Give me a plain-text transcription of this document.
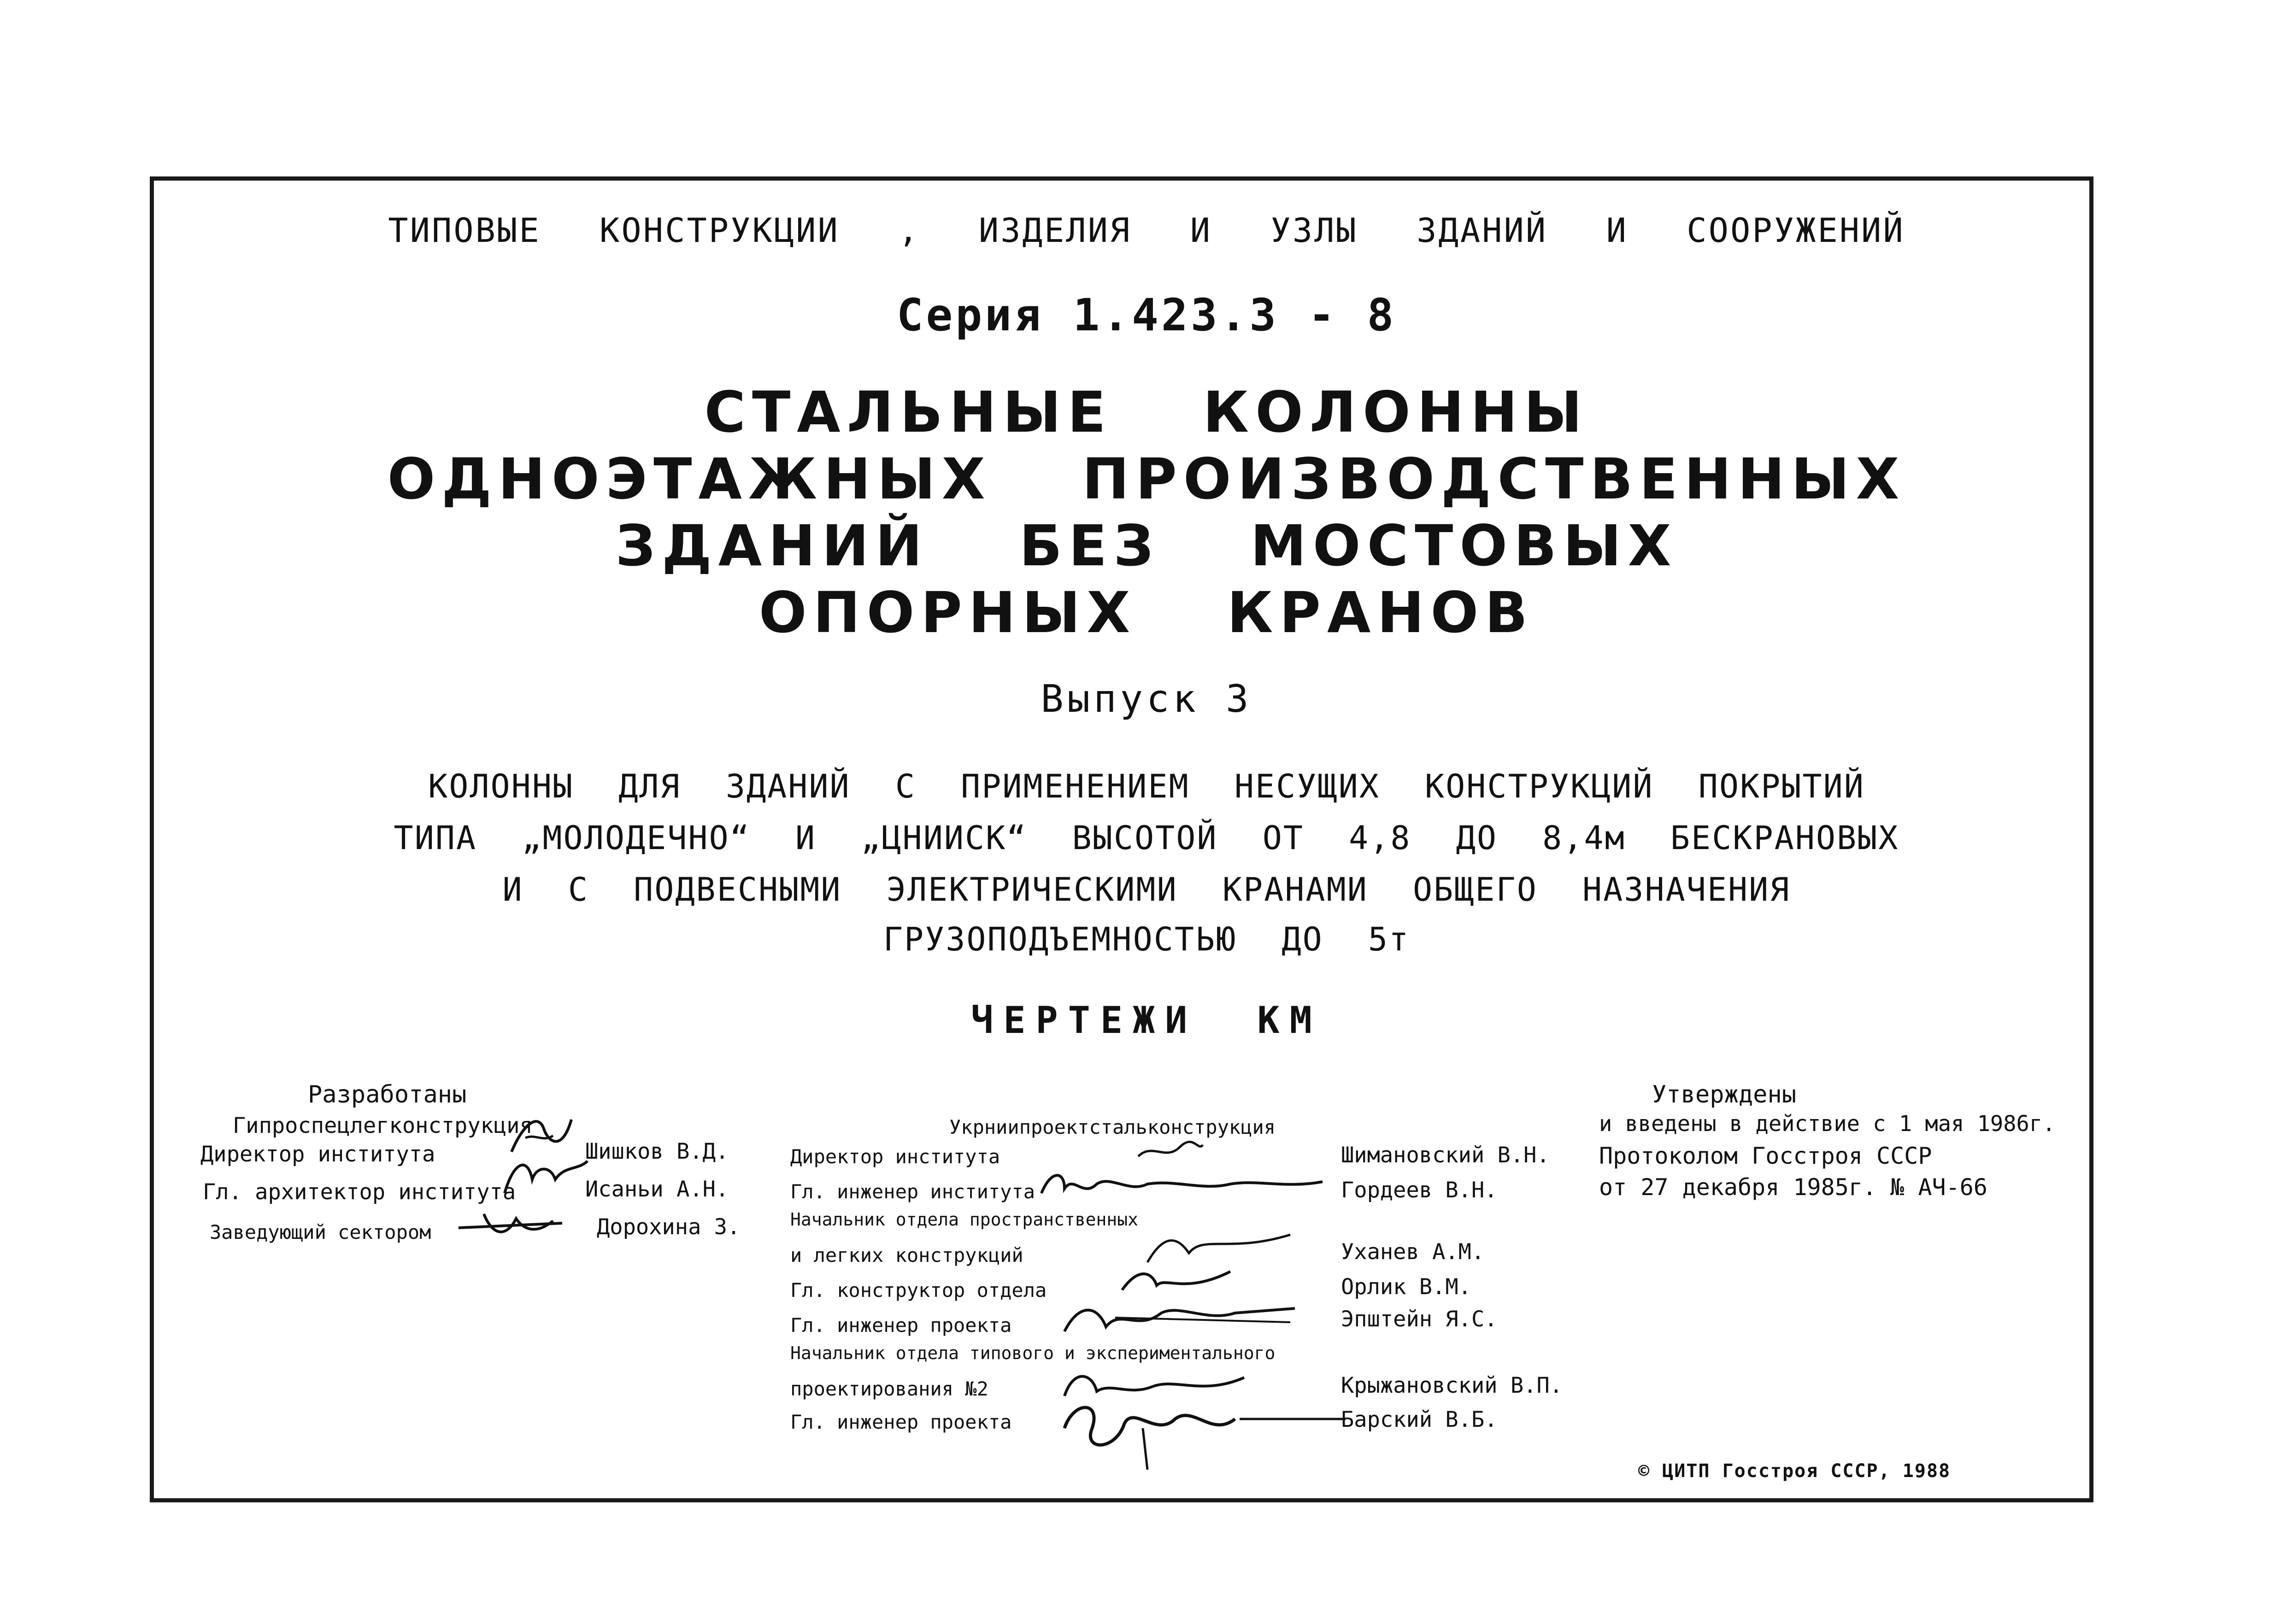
ТИПОВЫЕ КОНСТРУКЦИИ , ИЗДЕЛИЯ И УЗЛЫ ЗДАНИЙ И СООРУЖЕНИЙ
Серия 1.423.3 - 8
СТАЛЬНЫЕ КОЛОННЫ
ОДНОЭТАЖНЫХ ПРОИЗВОДСТВЕННЫХ
ЗДАНИЙ БЕЗ МОСТОВЫХ
ОПОРНЫХ КРАНОВ
Выпуск 3
КОЛОННЫ ДЛЯ ЗДАНИЙ С ПРИМЕНЕНИЕМ НЕСУЩИХ КОНСТРУКЦИЙ ПОКРЫТИЙ
ТИПА „МОЛОДЕЧНО“ И „ЦНИИСК“ ВЫСОТОЙ ОТ 4,8 ДО 8,4м БЕСКРАНОВЫХ
И С ПОДВЕСНЫМИ ЭЛЕКТРИЧЕСКИМИ КРАНАМИ ОБЩЕГО НАЗНАЧЕНИЯ
ГРУЗОПОДЪЕМНОСТЬЮ ДО 5т
ЧЕРТЕЖИ КМ
Разработаны
Гипроспецлегконструкция
Директор института	Шишков В.Д.
Гл. архитектор института	Исаньи А.Н.
Заведующий сектором	Дорохина З.
Укрниипроектстальконструкция
Директор института	Шимановский В.Н.
Гл. инженер института	Гордеев В.Н.
Начальник отдела пространственных
и легких конструкций	Уханев А.М.
Гл. конструктор отдела	Орлик В.М.
Гл. инженер проекта	Эпштейн Я.С.
Начальник отдела типового и экспериментального
проектирования №2	Крыжановский В.П.
Гл. инженер проекта	Барский В.Б.
Утверждены
и введены в действие с 1 мая 1986г.
Протоколом Госстроя СССР
от 27 декабря 1985г. № АЧ-66
© ЦИТП Госстроя СССР, 1988
